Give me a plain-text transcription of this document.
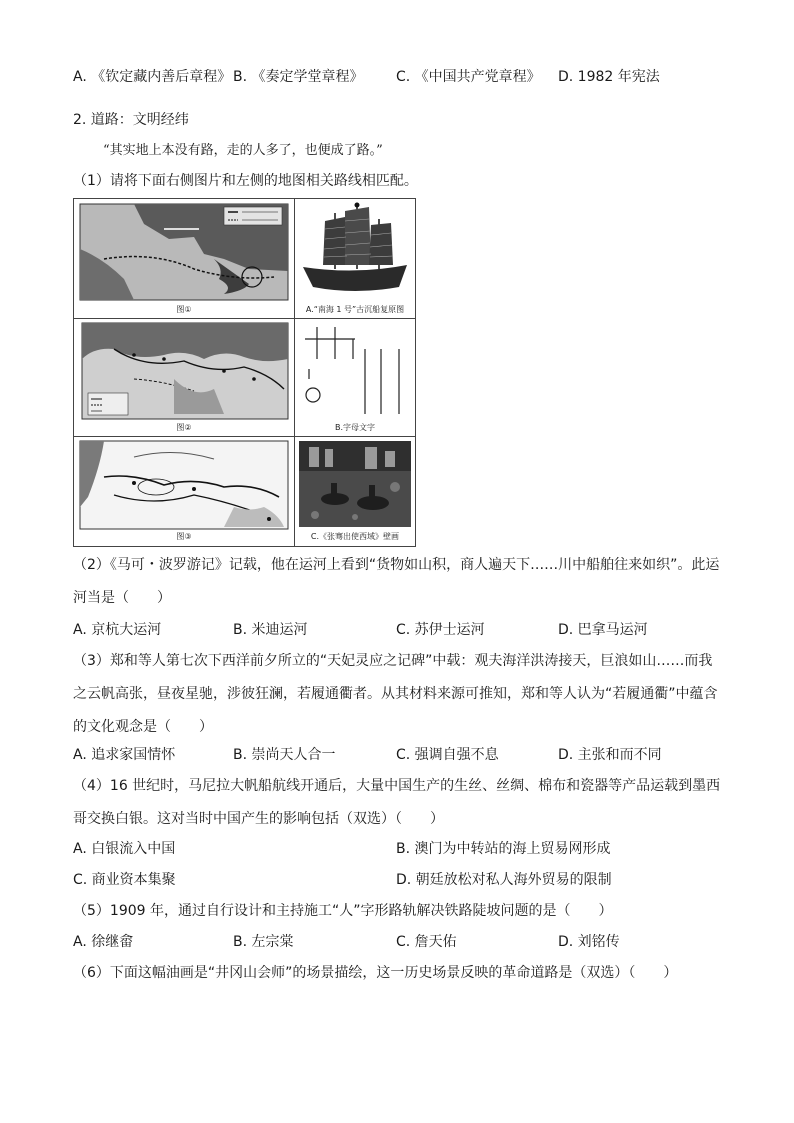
A. 《钦定藏内善后章程》 B. 《奏定学堂章程》 C. 《中国共产党章程》 D. 1982 年宪法
2. 道路：文明经纬
“其实地上本没有路，走的人多了，也便成了路。”
（1）请将下面右侧图片和左侧的地图相关路线相匹配。
图①	A.“南海 1 号”古沉船复原图
图②	B.字母文字
图③	C.《张骞出使西域》壁画
（2）《马可・波罗游记》记载，他在运河上看到“货物如山积，商人遍天下……川中船舶往来如织”。此运河当是（　　）
A. 京杭大运河	B. 米迪运河	C. 苏伊士运河	D. 巴拿马运河
（3）郑和等人第七次下西洋前夕所立的“天妃灵应之记碑”中载：观夫海洋洪涛接天，巨浪如山……而我之云帆高张，昼夜星驰，涉彼狂澜，若履通衢者。从其材料来源可推知，郑和等人认为“若履通衢”中蕴含的文化观念是（　　）
A. 追求家国情怀	B. 崇尚天人合一	C. 强调自强不息	D. 主张和而不同
（4）16 世纪时，马尼拉大帆船航线开通后，大量中国生产的生丝、丝绸、棉布和瓷器等产品运载到墨西哥交换白银。这对当时中国产生的影响包括（双选）（　　）
A. 白银流入中国	B. 澳门为中转站的海上贸易网形成
C. 商业资本集聚	D. 朝廷放松对私人海外贸易的限制
（5）1909 年，通过自行设计和主持施工“人”字形路轨解决铁路陡坡问题的是（　　）
A. 徐继畲	B. 左宗棠	C. 詹天佑	D. 刘铭传
（6）下面这幅油画是“井冈山会师”的场景描绘，这一历史场景反映的革命道路是（双选）（　　）
